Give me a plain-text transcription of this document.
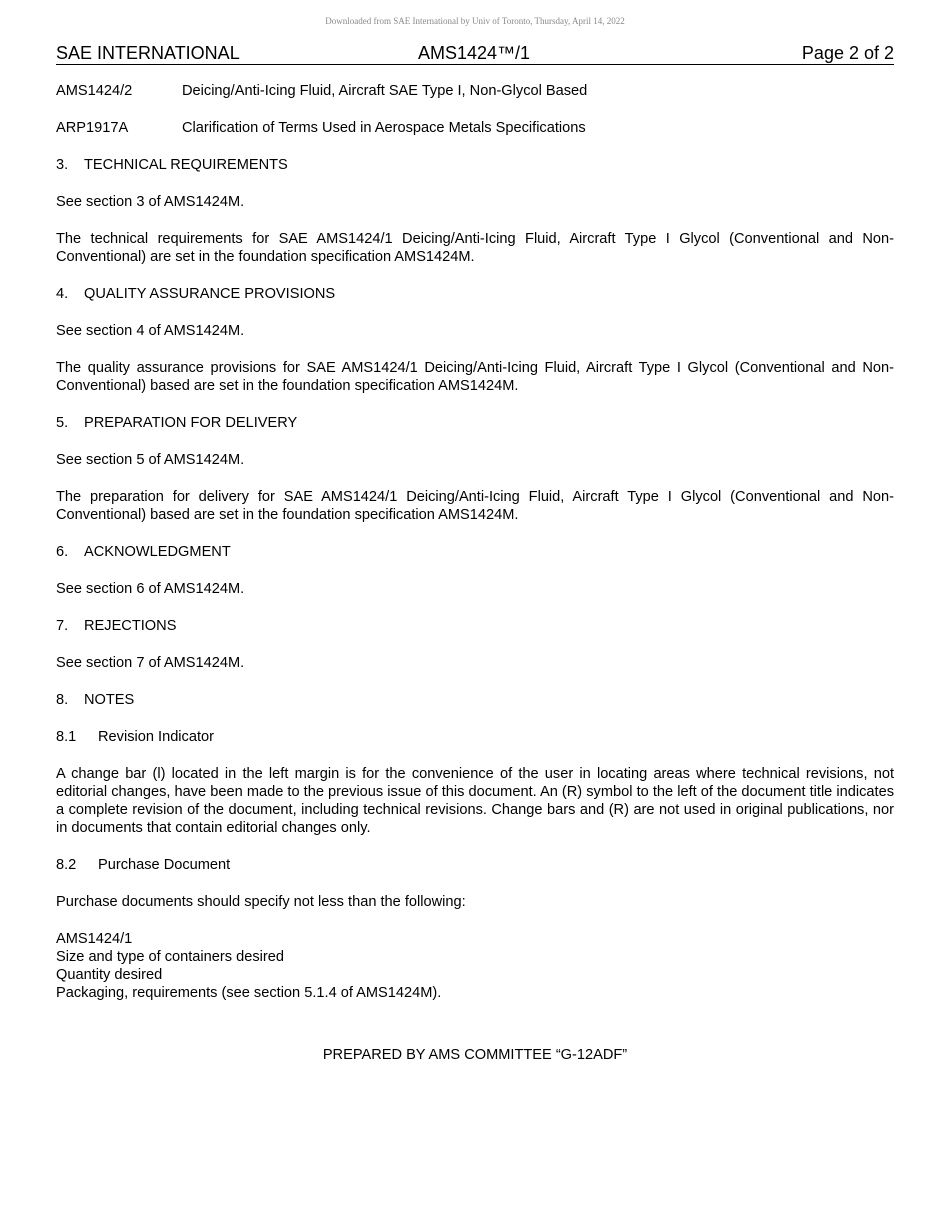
Downloaded from SAE International by Univ of Toronto, Thursday, April 14, 2022
SAE INTERNATIONAL	AMS1424™/1	Page 2 of 2
AMS1424/2	Deicing/Anti-Icing Fluid, Aircraft SAE Type I, Non-Glycol Based
ARP1917A	Clarification of Terms Used in Aerospace Metals Specifications
3. TECHNICAL REQUIREMENTS

See section 3 of AMS1424M.

The technical requirements for SAE AMS1424/1 Deicing/Anti-Icing Fluid, Aircraft Type I Glycol (Conventional and Non-Conventional) are set in the foundation specification AMS1424M.

4. QUALITY ASSURANCE PROVISIONS

See section 4 of AMS1424M.

The quality assurance provisions for SAE AMS1424/1 Deicing/Anti-Icing Fluid, Aircraft Type I Glycol (Conventional and Non-Conventional) based are set in the foundation specification AMS1424M.

5. PREPARATION FOR DELIVERY

See section 5 of AMS1424M.

The preparation for delivery for SAE AMS1424/1 Deicing/Anti-Icing Fluid, Aircraft Type I Glycol (Conventional and Non-Conventional) based are set in the foundation specification AMS1424M.

6. ACKNOWLEDGMENT

See section 6 of AMS1424M.

7. REJECTIONS

See section 7 of AMS1424M.

8. NOTES
8.1 Revision Indicator

A change bar (l) located in the left margin is for the convenience of the user in locating areas where technical revisions, not editorial changes, have been made to the previous issue of this document. An (R) symbol to the left of the document title indicates a complete revision of the document, including technical revisions. Change bars and (R) are not used in original publications, nor in documents that contain editorial changes only.

8.2 Purchase Document

Purchase documents should specify not less than the following:

AMS1424/1
Size and type of containers desired
Quantity desired
Packaging, requirements (see section 5.1.4 of AMS1424M).
PREPARED BY AMS COMMITTEE “G-12ADF”
